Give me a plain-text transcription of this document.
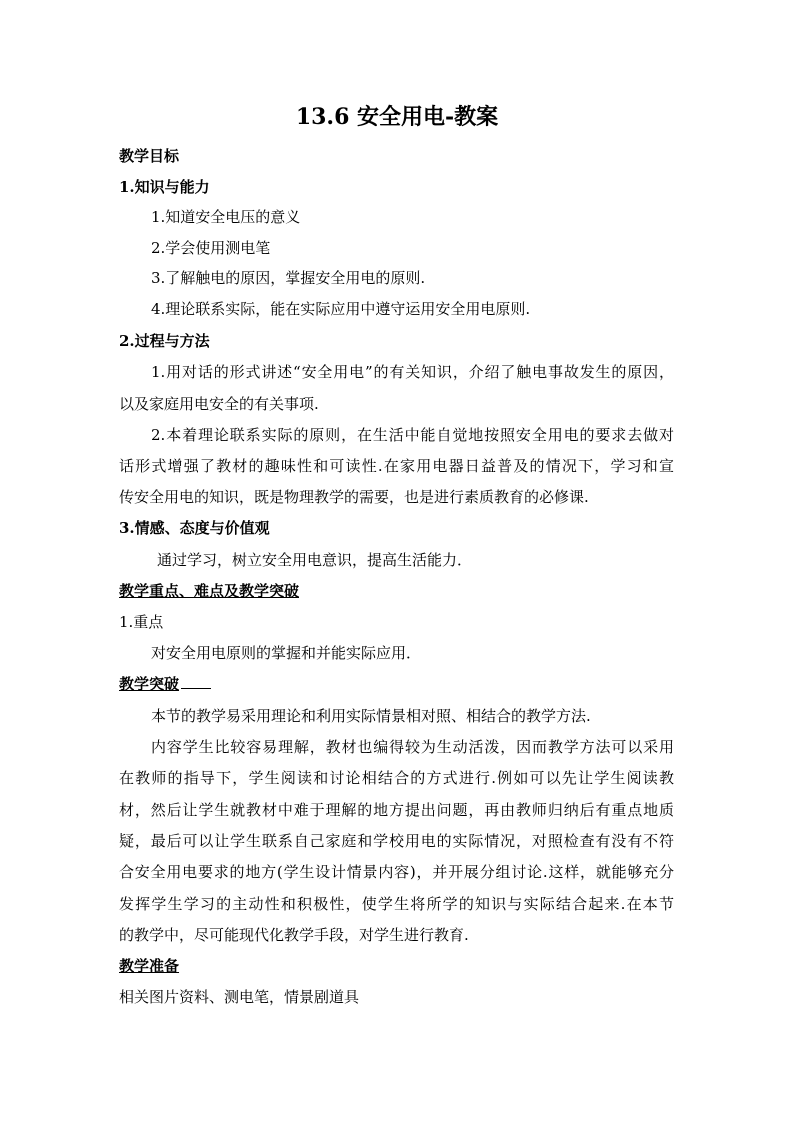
13.6 安全用电-教案

教学目标

1.知识与能力

1.知道安全电压的意义

2.学会使用测电笔

3.了解触电的原因，掌握安全用电的原则.

4.理论联系实际，能在实际应用中遵守运用安全用电原则.

2.过程与方法

1.用对话的形式讲述“安全用电”的有关知识，介绍了触电事故发生的原因，

以及家庭用电安全的有关事项.

2.本着理论联系实际的原则，在生活中能自觉地按照安全用电的要求去做对

话形式增强了教材的趣味性和可读性.在家用电器日益普及的情况下，学习和宣

传安全用电的知识，既是物理教学的需要，也是进行素质教育的必修课.

3.情感、态度与价值观

通过学习，树立安全用电意识，提高生活能力．

教学重点、难点及教学突破

1.重点

对安全用电原则的掌握和并能实际应用．

教学突破

本节的教学易采用理论和利用实际情景相对照、相结合的教学方法.

内容学生比较容易理解，教材也编得较为生动活泼，因而教学方法可以采用

在教师的指导下，学生阅读和讨论相结合的方式进行.例如可以先让学生阅读教

材，然后让学生就教材中难于理解的地方提出问题，再由教师归纳后有重点地质

疑，最后可以让学生联系自己家庭和学校用电的实际情况，对照检查有没有不符

合安全用电要求的地方(学生设计情景内容)，并开展分组讨论.这样，就能够充分

发挥学生学习的主动性和积极性，使学生将所学的知识与实际结合起来.在本节

的教学中，尽可能现代化教学手段，对学生进行教育.

教学准备

相关图片资料、测电笔，情景剧道具
